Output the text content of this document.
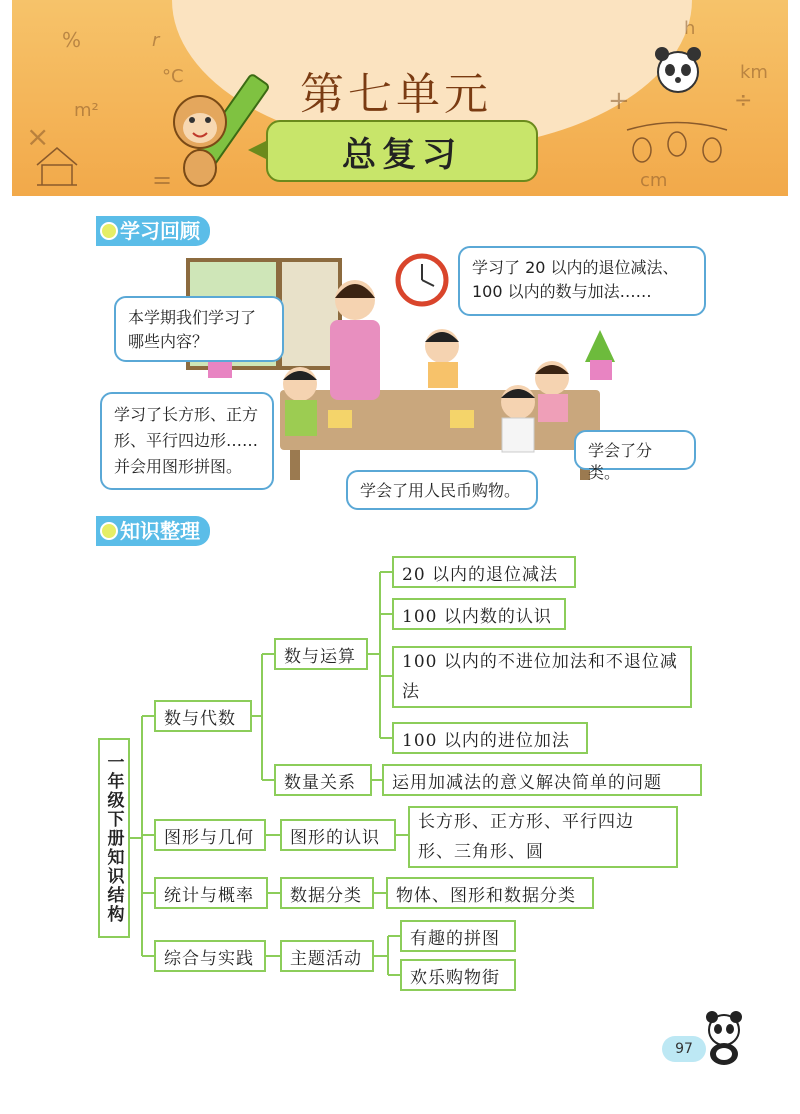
%	r
°C
m²
h
km
cm
÷
+
×
=
第七单元
总复习
学习回顾
本学期我们学习了哪些内容？
学习了 20 以内的退位减法、100 以内的数与加法……
学习了长方形、正方形、平行四边形……并会用图形拼图。
学会了用人民币购物。
学会了分类。
知识整理
一年级下册知识结构
数与代数
图形与几何
统计与概率
综合与实践
数与运算
数量关系
图形的认识
数据分类
主题活动
20 以内的退位减法
100 以内数的认识
100 以内的不进位加法和不退位减法
100 以内的进位加法
运用加减法的意义解决简单的问题
长方形、正方形、平行四边形、三角形、圆
物体、图形和数据分类
有趣的拼图
欢乐购物街
97
